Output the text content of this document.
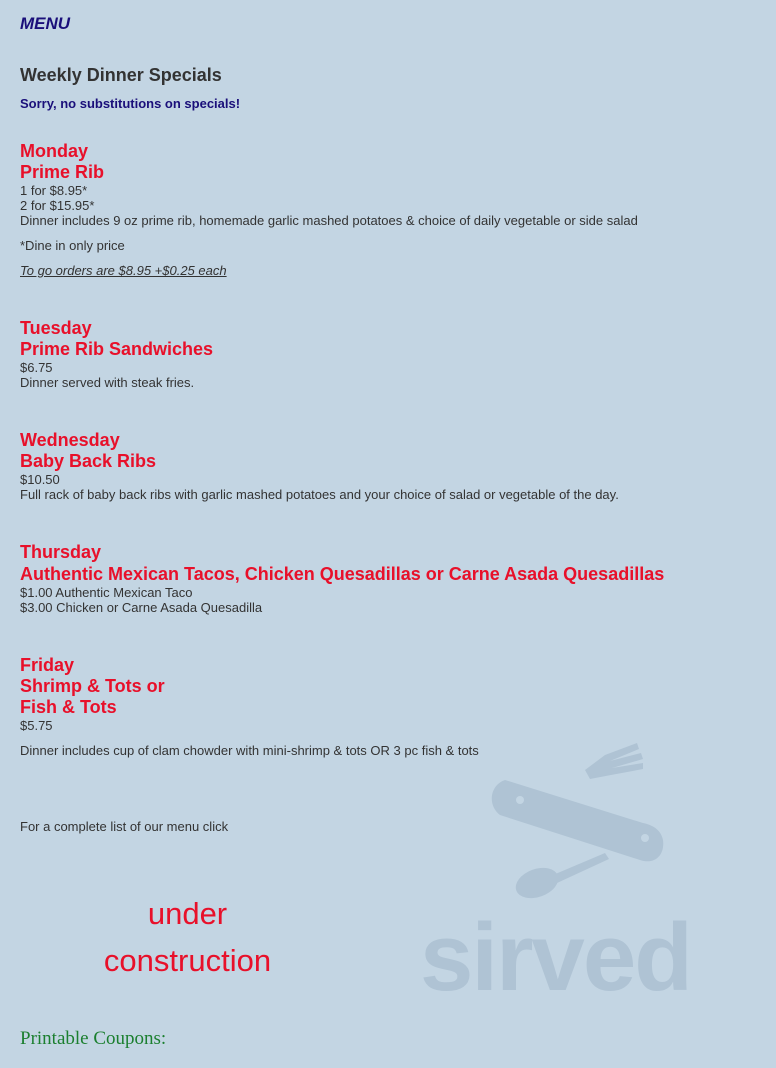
sirved
MENU
Weekly Dinner Specials

Sorry, no substitutions on specials!

Monday

Prime Rib

1 for $8.95*

2 for $15.95*

Dinner includes 9 oz prime rib, homemade garlic mashed potatoes & choice of daily vegetable or side salad

*Dine in only price

To go orders are $8.95 +$0.25 each

Tuesday

Prime Rib Sandwiches

$6.75

Dinner served with steak fries.

Wednesday

Baby Back Ribs

$10.50

Full rack of baby back ribs with garlic mashed potatoes and your choice of salad or vegetable of the day.

Thursday

Authentic Mexican Tacos, Chicken Quesadillas or Carne Asada Quesadillas

$1.00 Authentic Mexican Taco

$3.00 Chicken or Carne Asada Quesadilla

Friday

Shrimp & Tots or

Fish & Tots

$5.75

Dinner includes cup of clam chowder with mini-shrimp & tots OR 3 pc fish & tots

For a complete list of our menu click

under
construction

Printable Coupons:
